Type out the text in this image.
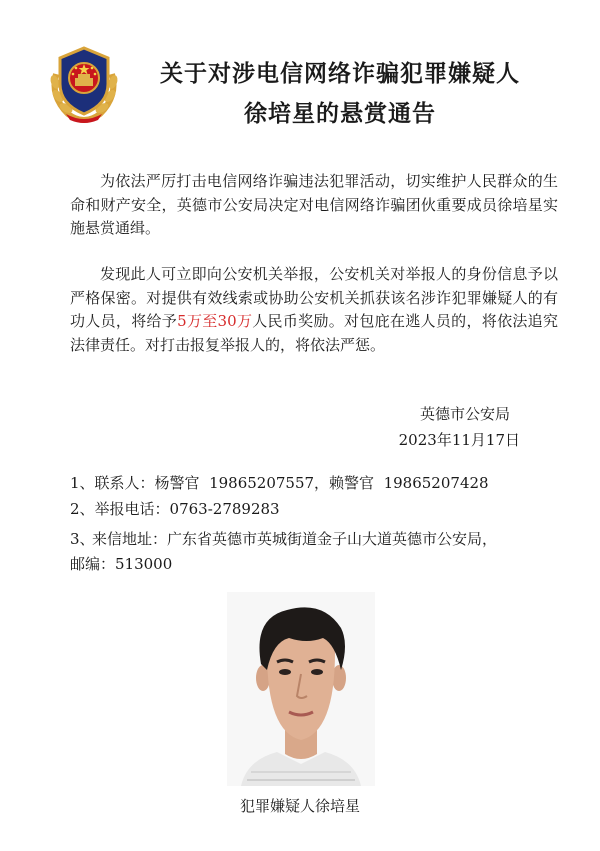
关于对涉电信网络诈骗犯罪嫌疑人
徐培星的悬赏通告

为依法严厉打击电信网络诈骗违法犯罪活动，切实维护人民群众的生命和财产安全，英德市公安局决定对电信网络诈骗团伙重要成员徐培星实施悬赏通缉。

发现此人可立即向公安机关举报，公安机关对举报人的身份信息予以严格保密。对提供有效线索或协助公安机关抓获该名涉诈犯罪嫌疑人的有功人员，将给予5万至30万人民币奖励。对包庇在逃人员的，将依法追究法律责任。对打击报复举报人的，将依法严惩。

英德市公安局
2023年11月17日
1、联系人：杨警官  19865207557，赖警官  19865207428
2、举报电话：0763-2789283
3、来信地址：广东省英德市英城街道金子山大道英德市公安局，
邮编：513000
犯罪嫌疑人徐培星
